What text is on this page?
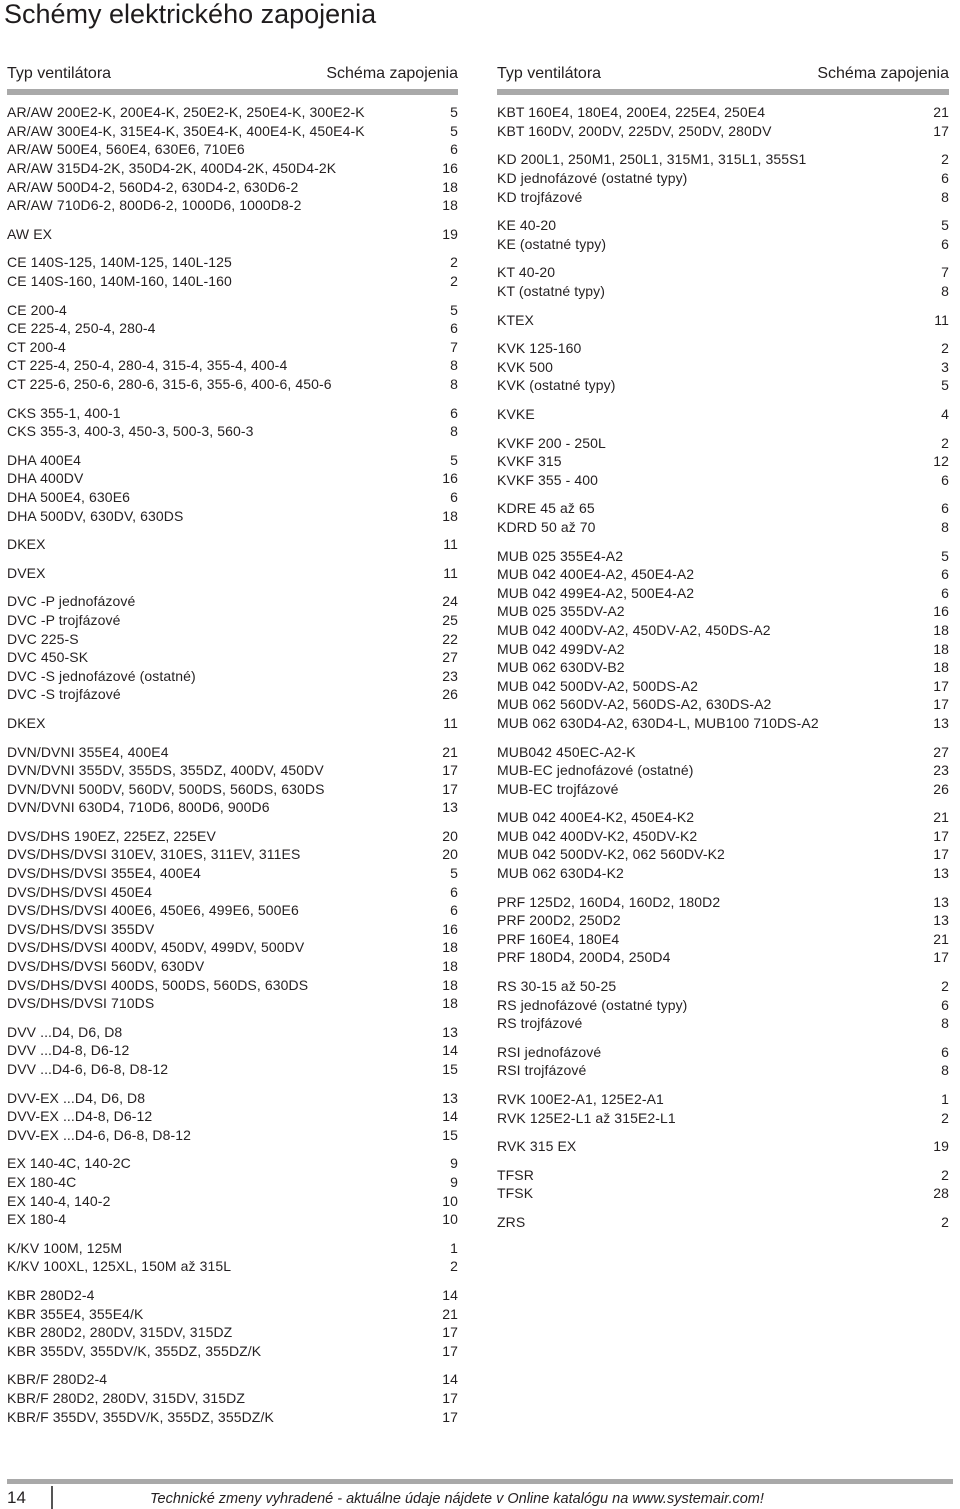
Schémy elektrického zapojenia
Typ ventilátora	Schéma zapojenia
AR/AW 200E2-K, 200E4-K, 250E2-K, 250E4-K, 300E2-K	5
AR/AW 300E4-K, 315E4-K, 350E4-K, 400E4-K, 450E4-K	5
AR/AW 500E4, 560E4, 630E6, 710E6	6
AR/AW 315D4-2K, 350D4-2K, 400D4-2K, 450D4-2K	16
AR/AW 500D4-2, 560D4-2, 630D4-2, 630D6-2	18
AR/AW 710D6-2, 800D6-2, 1000D6, 1000D8-2	18
AW EX	19
CE 140S-125, 140M-125, 140L-125	2
CE 140S-160, 140M-160, 140L-160	2
CE 200-4	5
CE 225-4, 250-4, 280-4	6
CT 200-4	7
CT 225-4, 250-4, 280-4, 315-4, 355-4, 400-4	8
CT 225-6, 250-6, 280-6, 315-6, 355-6, 400-6, 450-6	8
CKS 355-1, 400-1	6
CKS 355-3, 400-3, 450-3, 500-3, 560-3	8
DHA 400E4	5
DHA 400DV	16
DHA 500E4, 630E6	6
DHA 500DV, 630DV, 630DS	18
DKEX	11
DVEX	11
DVC -P jednofázové	24
DVC -P trojfázové	25
DVC 225-S	22
DVC 450-SK	27
DVC -S jednofázové (ostatné)	23
DVC -S trojfázové	26
DKEX	11
DVN/DVNI 355E4, 400E4	21
DVN/DVNI 355DV, 355DS, 355DZ, 400DV, 450DV	17
DVN/DVNI 500DV, 560DV, 500DS, 560DS, 630DS	17
DVN/DVNI 630D4, 710D6, 800D6, 900D6	13
DVS/DHS 190EZ, 225EZ, 225EV	20
DVS/DHS/DVSI 310EV, 310ES, 311EV, 311ES	20
DVS/DHS/DVSI 355E4, 400E4	5
DVS/DHS/DVSI 450E4	6
DVS/DHS/DVSI 400E6, 450E6, 499E6, 500E6	6
DVS/DHS/DVSI 355DV	16
DVS/DHS/DVSI 400DV, 450DV, 499DV, 500DV	18
DVS/DHS/DVSI 560DV, 630DV	18
DVS/DHS/DVSI 400DS, 500DS, 560DS, 630DS	18
DVS/DHS/DVSI 710DS	18
DVV ...D4, D6, D8	13
DVV ...D4-8, D6-12	14
DVV ...D4-6, D6-8, D8-12	15
DVV-EX ...D4, D6, D8	13
DVV-EX ...D4-8, D6-12	14
DVV-EX ...D4-6, D6-8, D8-12	15
EX 140-4C, 140-2C	9
EX 180-4C	9
EX 140-4, 140-2	10
EX 180-4	10
K/KV 100M, 125M	1
K/KV 100XL, 125XL, 150M až 315L	2
KBR 280D2-4	14
KBR 355E4, 355E4/K	21
KBR 280D2, 280DV, 315DV, 315DZ	17
KBR 355DV, 355DV/K, 355DZ, 355DZ/K	17
KBR/F 280D2-4	14
KBR/F 280D2, 280DV, 315DV, 315DZ	17
KBR/F 355DV, 355DV/K, 355DZ, 355DZ/K	17
Typ ventilátora	Schéma zapojenia
KBT 160E4, 180E4, 200E4, 225E4, 250E4	21
KBT 160DV, 200DV, 225DV, 250DV, 280DV	17
KD 200L1, 250M1, 250L1, 315M1, 315L1, 355S1	2
KD jednofázové (ostatné typy)	6
KD trojfázové	8
KE 40-20	5
KE (ostatné typy)	6
KT 40-20	7
KT (ostatné typy)	8
KTEX	11
KVK 125-160	2
KVK 500	3
KVK (ostatné typy)	5
KVKE	4
KVKF 200 - 250L	2
KVKF 315	12
KVKF 355 - 400	6
KDRE 45 až 65	6
KDRD 50 až 70	8
MUB 025 355E4-A2	5
MUB 042 400E4-A2, 450E4-A2	6
MUB 042 499E4-A2, 500E4-A2	6
MUB 025 355DV-A2	16
MUB 042 400DV-A2, 450DV-A2, 450DS-A2	18
MUB 042 499DV-A2	18
MUB 062 630DV-B2	18
MUB 042 500DV-A2, 500DS-A2	17
MUB 062 560DV-A2, 560DS-A2, 630DS-A2	17
MUB 062 630D4-A2, 630D4-L, MUB100 710DS-A2	13
MUB042 450EC-A2-K	27
MUB-EC jednofázové (ostatné)	23
MUB-EC trojfázové	26
MUB 042 400E4-K2, 450E4-K2	21
MUB 042 400DV-K2, 450DV-K2	17
MUB 042 500DV-K2, 062 560DV-K2	17
MUB 062 630D4-K2	13
PRF 125D2, 160D4, 160D2, 180D2	13
PRF 200D2, 250D2	13
PRF 160E4, 180E4	21
PRF 180D4, 200D4, 250D4	17
RS 30-15 až 50-25	2
RS jednofázové (ostatné typy)	6
RS trojfázové	8
RSI jednofázové	6
RSI trojfázové	8
RVK 100E2-A1, 125E2-A1	1
RVK 125E2-L1 až 315E2-L1	2
RVK 315 EX	19
TFSR	2
TFSK	28
ZRS	2
14	Technické zmeny vyhradené - aktuálne údaje nájdete v Online katalógu na www.systemair.com!
